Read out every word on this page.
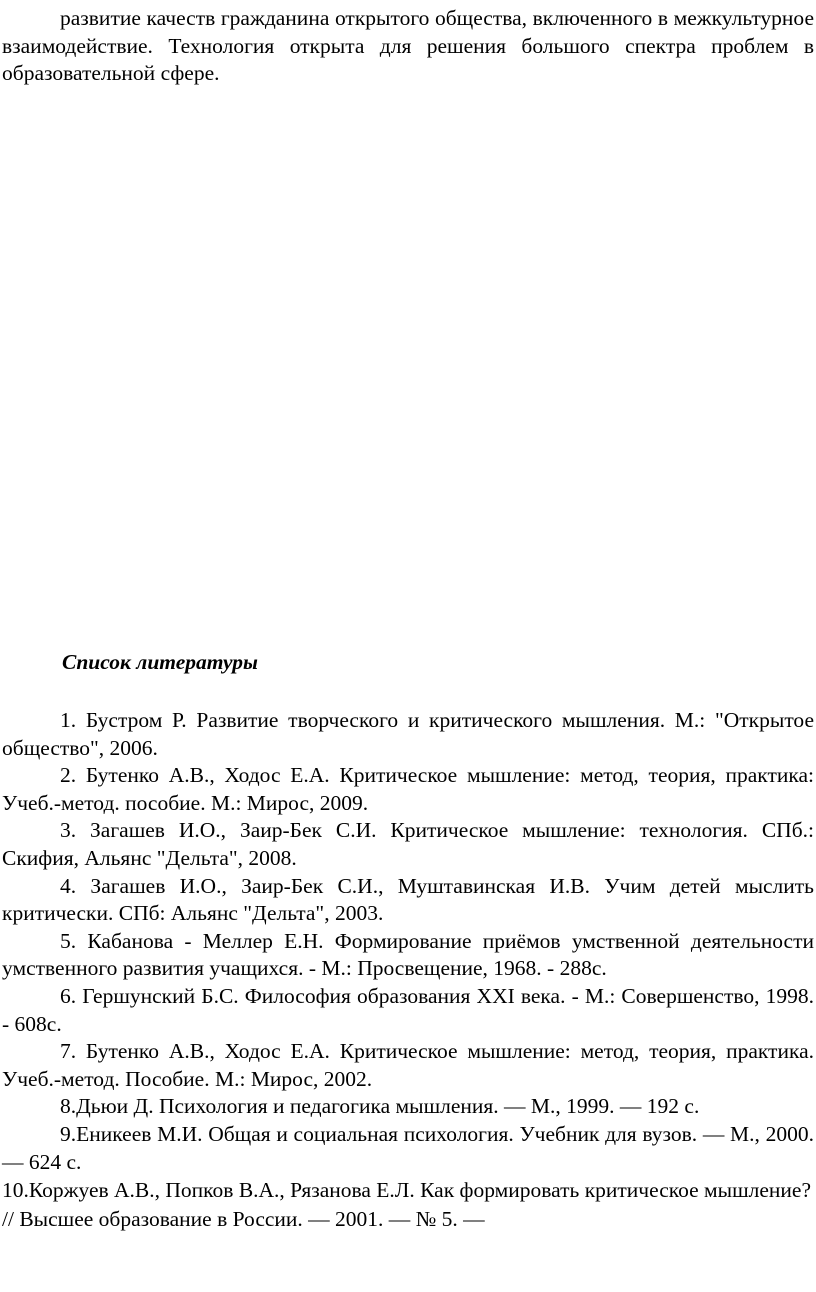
развитие качеств гражданина открытого общества, включенного в межкультурное взаимодействие. Технология открыта для решения большого спектра проблем в образовательной сфере.

Список литературы

1. Бустром Р. Развитие творческого и критического мышления. М.: "Открытое общество", 2006.

2. Бутенко А.В., Ходос Е.А. Критическое мышление: метод, теория, практика: Учеб.-метод. пособие. М.: Мирос, 2009.

3. Загашев И.О., Заир-Бек С.И. Критическое мышление: технология. СПб.: Скифия, Альянс "Дельта", 2008.

4. Загашев И.О., Заир-Бек С.И., Муштавинская И.В. Учим детей мыслить критически. СПб: Альянс "Дельта", 2003.

5. Кабанова - Меллер Е.Н. Формирование приёмов умственной деятельности умственного развития учащихся. - М.: Просвещение, 1968. - 288с.

6. Гершунский Б.С. Философия образования XXI века. - М.: Совершенство, 1998. - 608с.

7. Бутенко А.В., Ходос Е.А. Критическое мышление: метод, теория, практика. Учеб.-метод. Пособие. М.: Мирос, 2002.

8.Дьюи Д. Психология и педагогика мышления. — М., 1999. — 192 с.

9.Еникеев М.И. Общая и социальная психология. Учебник для вузов. — М., 2000. — 624 с.

10.Коржуев А.В., Попков В.А., Рязанова Е.Л. Как формировать критическое мышление? // Высшее образование в России. — 2001. — № 5. —
